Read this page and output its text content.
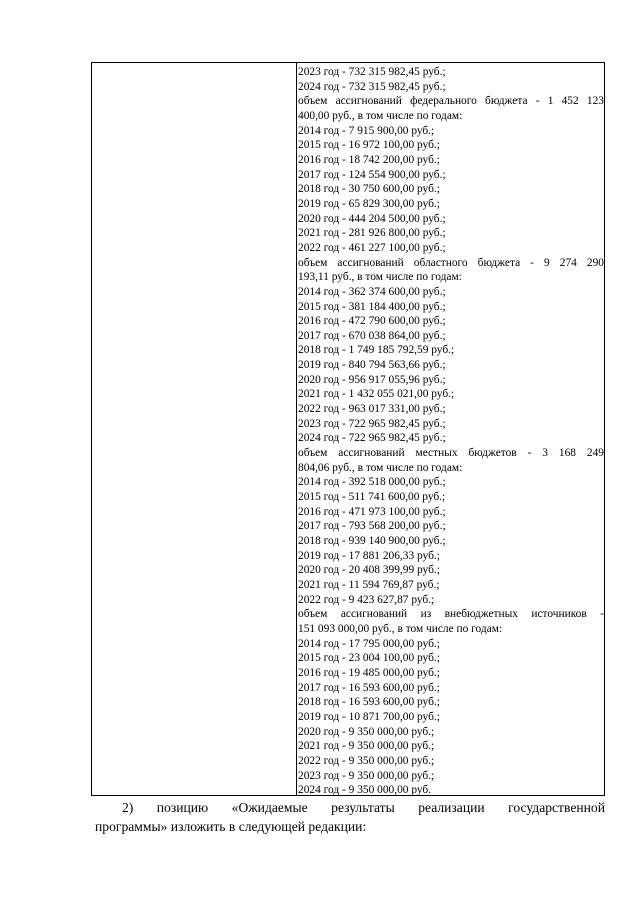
2023 год - 732 315 982,45 руб.;
2024 год - 732 315 982,45 руб.;
объем ассигнований федерального бюджета - 1 452 123
400,00 руб., в том числе по годам:
2014 год - 7 915 900,00 руб.;
2015 год - 16 972 100,00 руб.;
2016 год - 18 742 200,00 руб.;
2017 год - 124 554 900,00 руб.;
2018 год - 30 750 600,00 руб.;
2019 год - 65 829 300,00 руб.;
2020 год - 444 204 500,00 руб.;
2021 год - 281 926 800,00 руб.;
2022 год - 461 227 100,00 руб.;
объем ассигнований областного бюджета - 9 274 290
193,11 руб., в том числе по годам:
2014 год - 362 374 600,00 руб.;
2015 год - 381 184 400,00 руб.;
2016 год - 472 790 600,00 руб.;
2017 год - 670 038 864,00 руб.;
2018 год - 1 749 185 792,59 руб.;
2019 год - 840 794 563,66 руб.;
2020 год - 956 917 055,96 руб.;
2021 год - 1 432 055 021,00 руб.;
2022 год - 963 017 331,00 руб.;
2023 год - 722 965 982,45 руб.;
2024 год - 722 965 982,45 руб.;
объем ассигнований местных бюджетов - 3 168 249
804,06 руб., в том числе по годам:
2014 год - 392 518 000,00 руб.;
2015 год - 511 741 600,00 руб.;
2016 год - 471 973 100,00 руб.;
2017 год - 793 568 200,00 руб.;
2018 год - 939 140 900,00 руб.;
2019 год - 17 881 206,33 руб.;
2020 год - 20 408 399,99 руб.;
2021 год - 11 594 769,87 руб.;
2022 год - 9 423 627,87 руб.;
объем ассигнований из внебюджетных источников -
151 093 000,00 руб., в том числе по годам:
2014 год - 17 795 000,00 руб.;
2015 год - 23 004 100,00 руб.;
2016 год - 19 485 000,00 руб.;
2017 год - 16 593 600,00 руб.;
2018 год - 16 593 600,00 руб.;
2019 год - 10 871 700,00 руб.;
2020 год - 9 350 000,00 руб.;
2021 год - 9 350 000,00 руб.;
2022 год - 9 350 000,00 руб.;
2023 год - 9 350 000,00 руб.;
2024 год - 9 350 000,00 руб.
2) позицию «Ожидаемые результаты реализации государственной
программы» изложить в следующей редакции:
